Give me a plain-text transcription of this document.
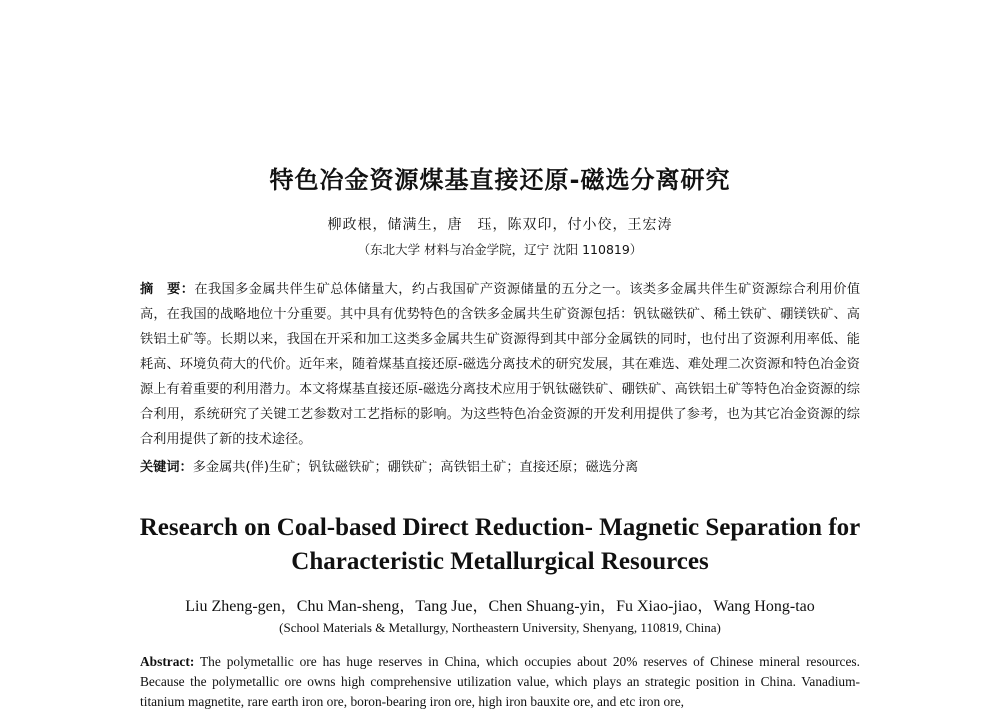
特色冶金资源煤基直接还原-磁选分离研究
柳政根，储满生，唐　珏，陈双印，付小佼，王宏涛
（东北大学 材料与冶金学院，辽宁 沈阳 110819）
摘　要：在我国多金属共伴生矿总体储量大，约占我国矿产资源储量的五分之一。该类多金属共伴生矿资源综合利用价值高，在我国的战略地位十分重要。其中具有优势特色的含铁多金属共生矿资源包括：钒钛磁铁矿、稀土铁矿、硼镁铁矿、高铁铝土矿等。长期以来，我国在开采和加工这类多金属共生矿资源得到其中部分金属铁的同时，也付出了资源利用率低、能耗高、环境负荷大的代价。近年来，随着煤基直接还原-磁选分离技术的研究发展，其在难选、难处理二次资源和特色冶金资源上有着重要的利用潜力。本文将煤基直接还原-磁选分离技术应用于钒钛磁铁矿、硼铁矿、高铁铝土矿等特色冶金资源的综合利用，系统研究了关键工艺参数对工艺指标的影响。为这些特色冶金资源的开发利用提供了参考，也为其它冶金资源的综合利用提供了新的技术途径。
关键词：多金属共(伴)生矿；钒钛磁铁矿；硼铁矿；高铁铝土矿；直接还原；磁选分离
Research on Coal-based Direct Reduction- Magnetic Separation for Characteristic Metallurgical Resources
Liu Zheng-gen，Chu Man-sheng，Tang Jue，Chen Shuang-yin，Fu Xiao-jiao，Wang Hong-tao
(School Materials & Metallurgy, Northeastern University, Shenyang, 110819, China)
Abstract: The polymetallic ore has huge reserves in China, which occupies about 20% reserves of Chinese mineral resources. Because the polymetallic ore owns high comprehensive utilization value, which plays an strategic position in China. Vanadium-titanium magnetite, rare earth iron ore, boron-bearing iron ore, high iron bauxite ore, and etc iron ore,
